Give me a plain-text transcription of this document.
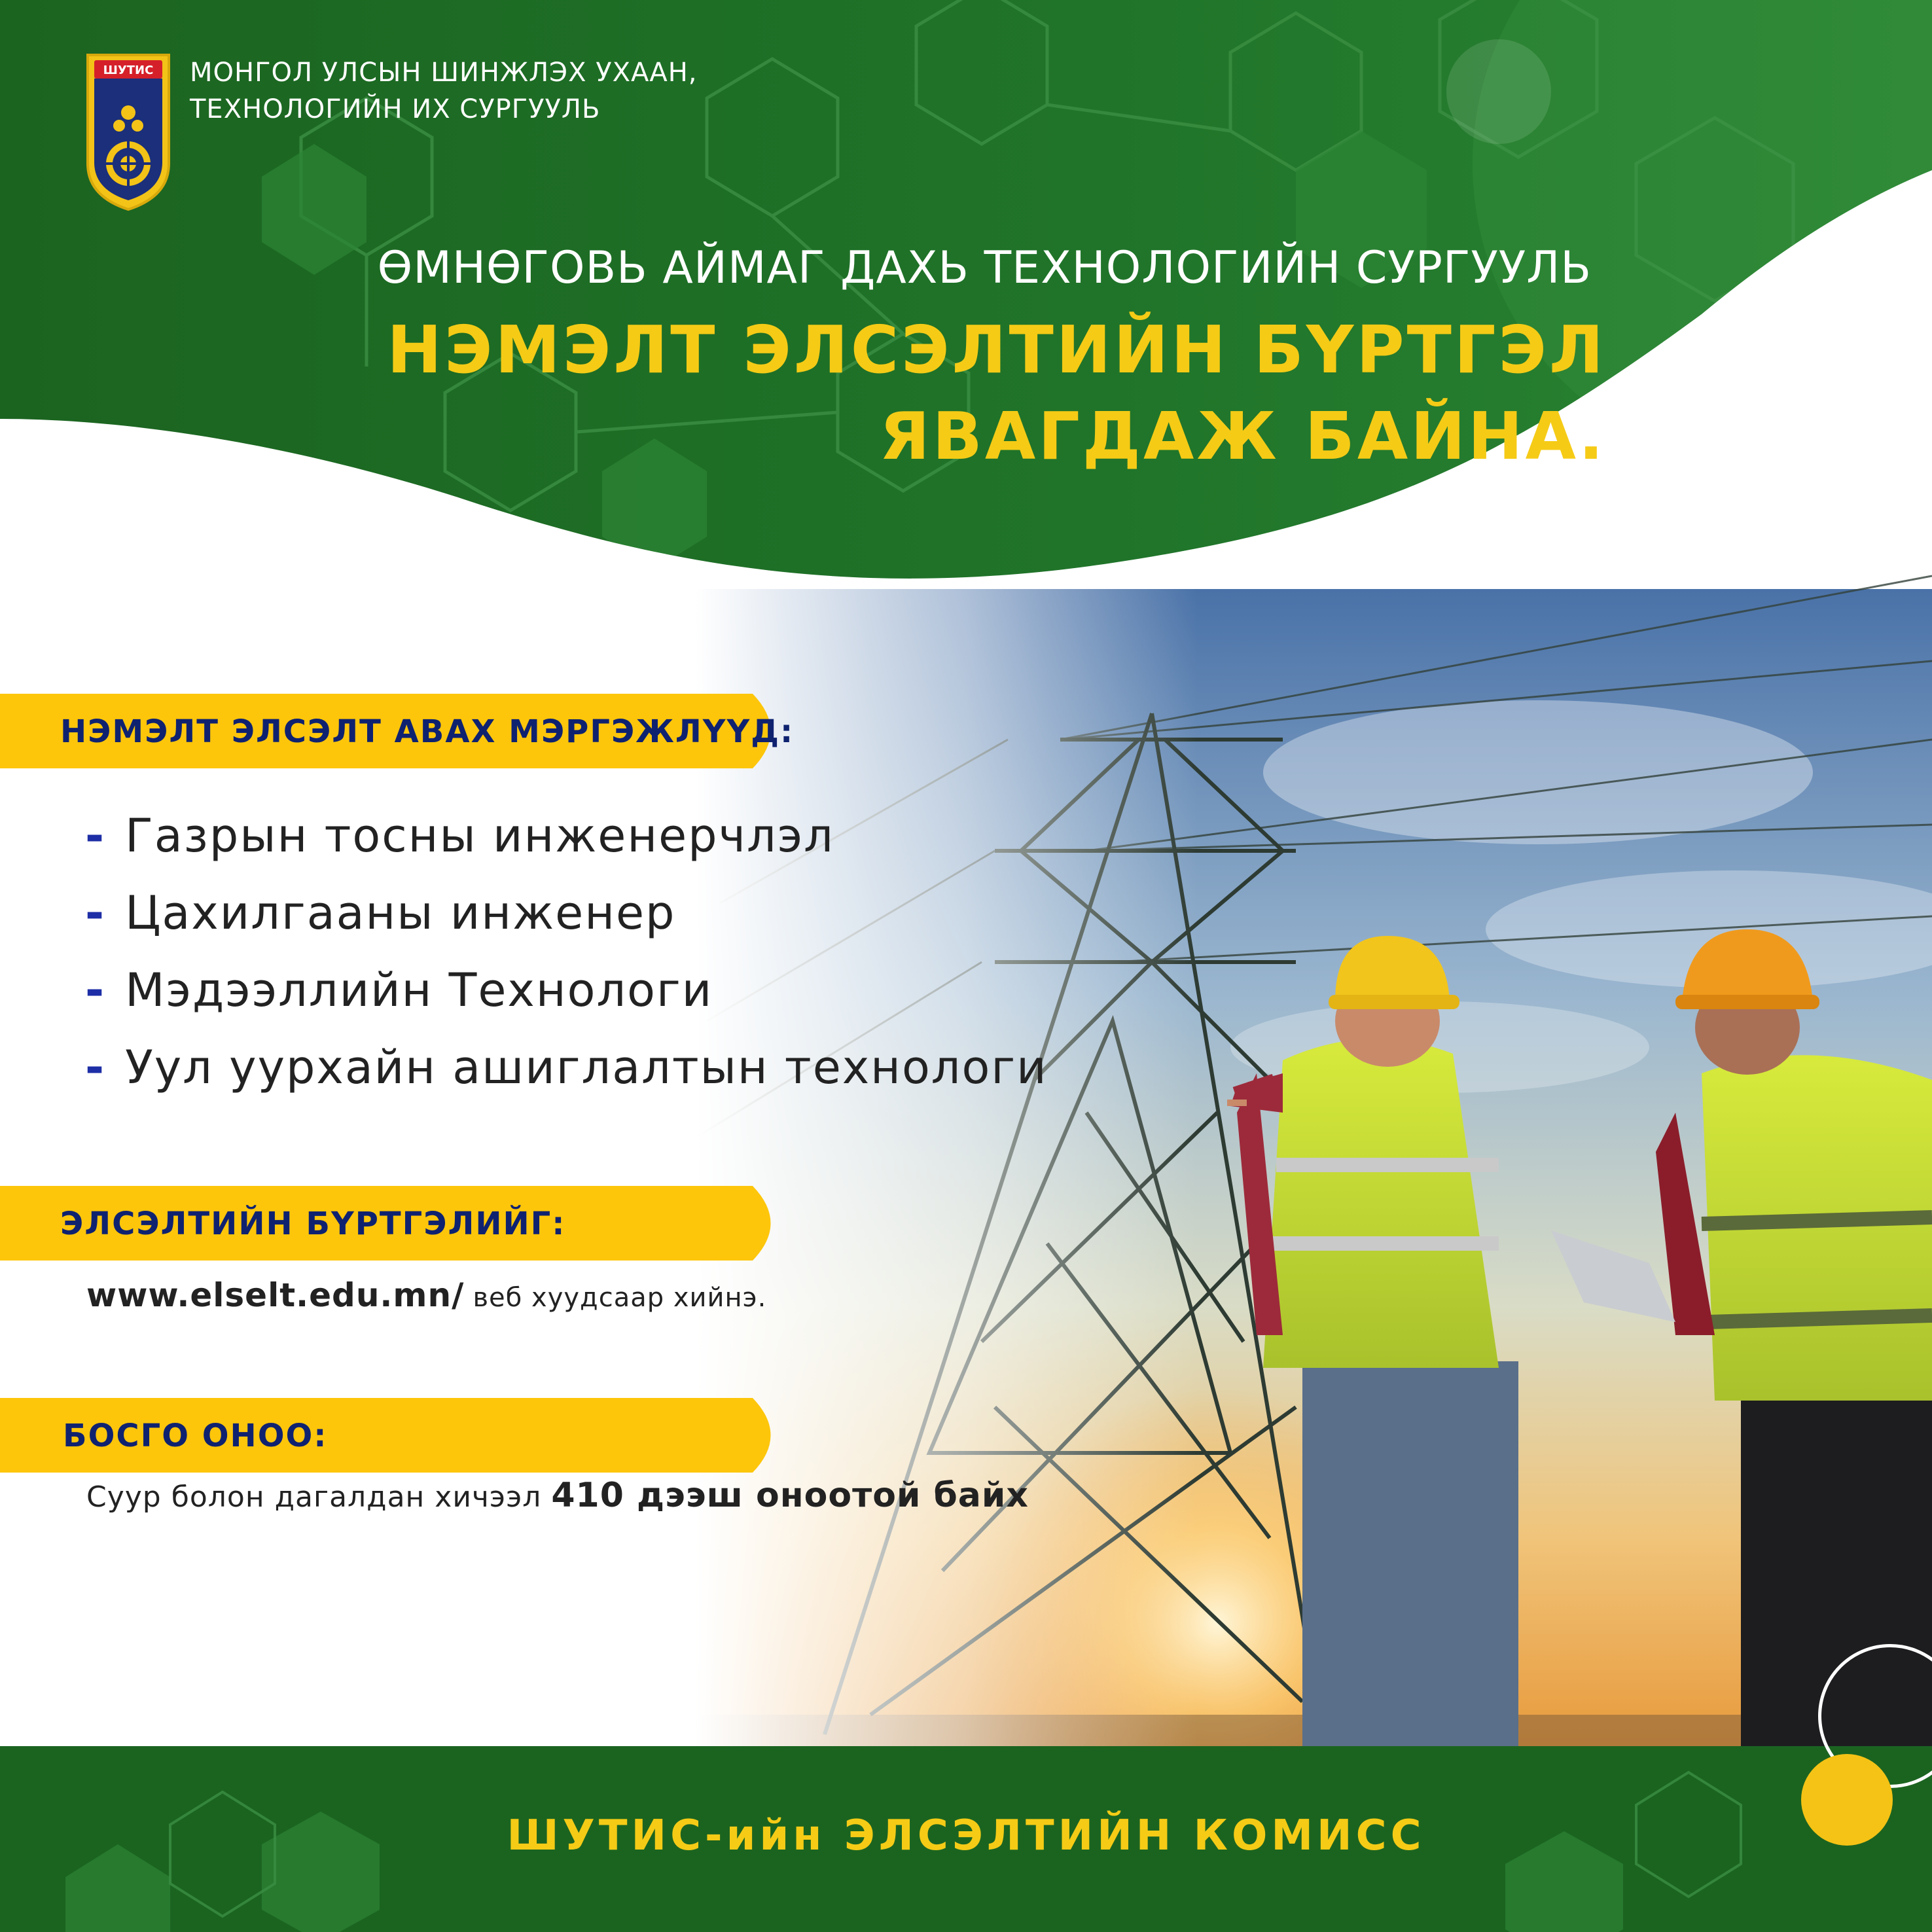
ШУТИС МОНГОЛ УЛСЫН ШИНЖЛЭХ УХААН,
ТЕХНОЛОГИЙН ИХ СУРГУУЛЬ
ӨМНӨГОВЬ АЙМАГ ДАХЬ ТЕХНОЛОГИЙН СУРГУУЛЬ
НЭМЭЛТ ЭЛСЭЛТИЙН БҮРТГЭЛ
ЯВАГДАЖ БАЙНА.
НЭМЭЛТ ЭЛСЭЛТ АВАХ МЭРГЭЖЛҮҮД:
- Газрын тосны инженерчлэл
- Цахилгааны инженер
- Мэдээллийн Технологи
- Уул уурхайн ашиглалтын технологи
ЭЛСЭЛТИЙН БҮРТГЭЛИЙГ:
www.elselt.edu.mn/ веб хуудсаар хийнэ.
БОСГО ОНОО:
Суур болон дагалдан хичээл 410 дээш оноотой байх
ШУТИС-ийн ЭЛСЭЛТИЙН КОМИСС
